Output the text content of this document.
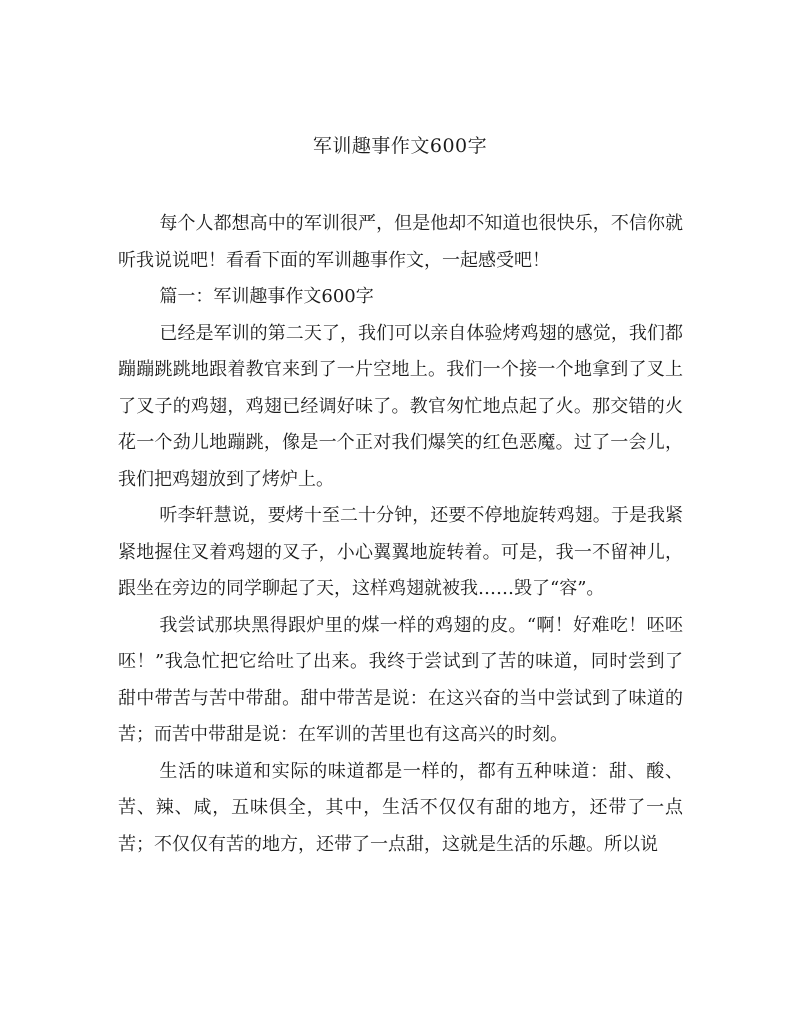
军训趣事作文600字

每个人都想高中的军训很严，但是他却不知道也很快乐，不信你就听我说说吧！看看下面的军训趣事作文，一起感受吧！

篇一：军训趣事作文600字

已经是军训的第二天了，我们可以亲自体验烤鸡翅的感觉，我们都蹦蹦跳跳地跟着教官来到了一片空地上。我们一个接一个地拿到了叉上了叉子的鸡翅，鸡翅已经调好味了。教官匆忙地点起了火。那交错的火花一个劲儿地蹦跳，像是一个正对我们爆笑的红色恶魔。过了一会儿，我们把鸡翅放到了烤炉上。

听李轩慧说，要烤十至二十分钟，还要不停地旋转鸡翅。于是我紧紧地握住叉着鸡翅的叉子，小心翼翼地旋转着。可是，我一不留神儿，跟坐在旁边的同学聊起了天，这样鸡翅就被我……毁了“容”。

我尝试那块黑得跟炉里的煤一样的鸡翅的皮。“啊！好难吃！呸呸呸！”我急忙把它给吐了出来。我终于尝试到了苦的味道，同时尝到了甜中带苦与苦中带甜。甜中带苦是说：在这兴奋的当中尝试到了味道的苦；而苦中带甜是说：在军训的苦里也有这高兴的时刻。

生活的味道和实际的味道都是一样的，都有五种味道：甜、酸、苦、辣、咸，五味俱全，其中，生活不仅仅有甜的地方，还带了一点苦；不仅仅有苦的地方，还带了一点甜，这就是生活的乐趣。所以说
